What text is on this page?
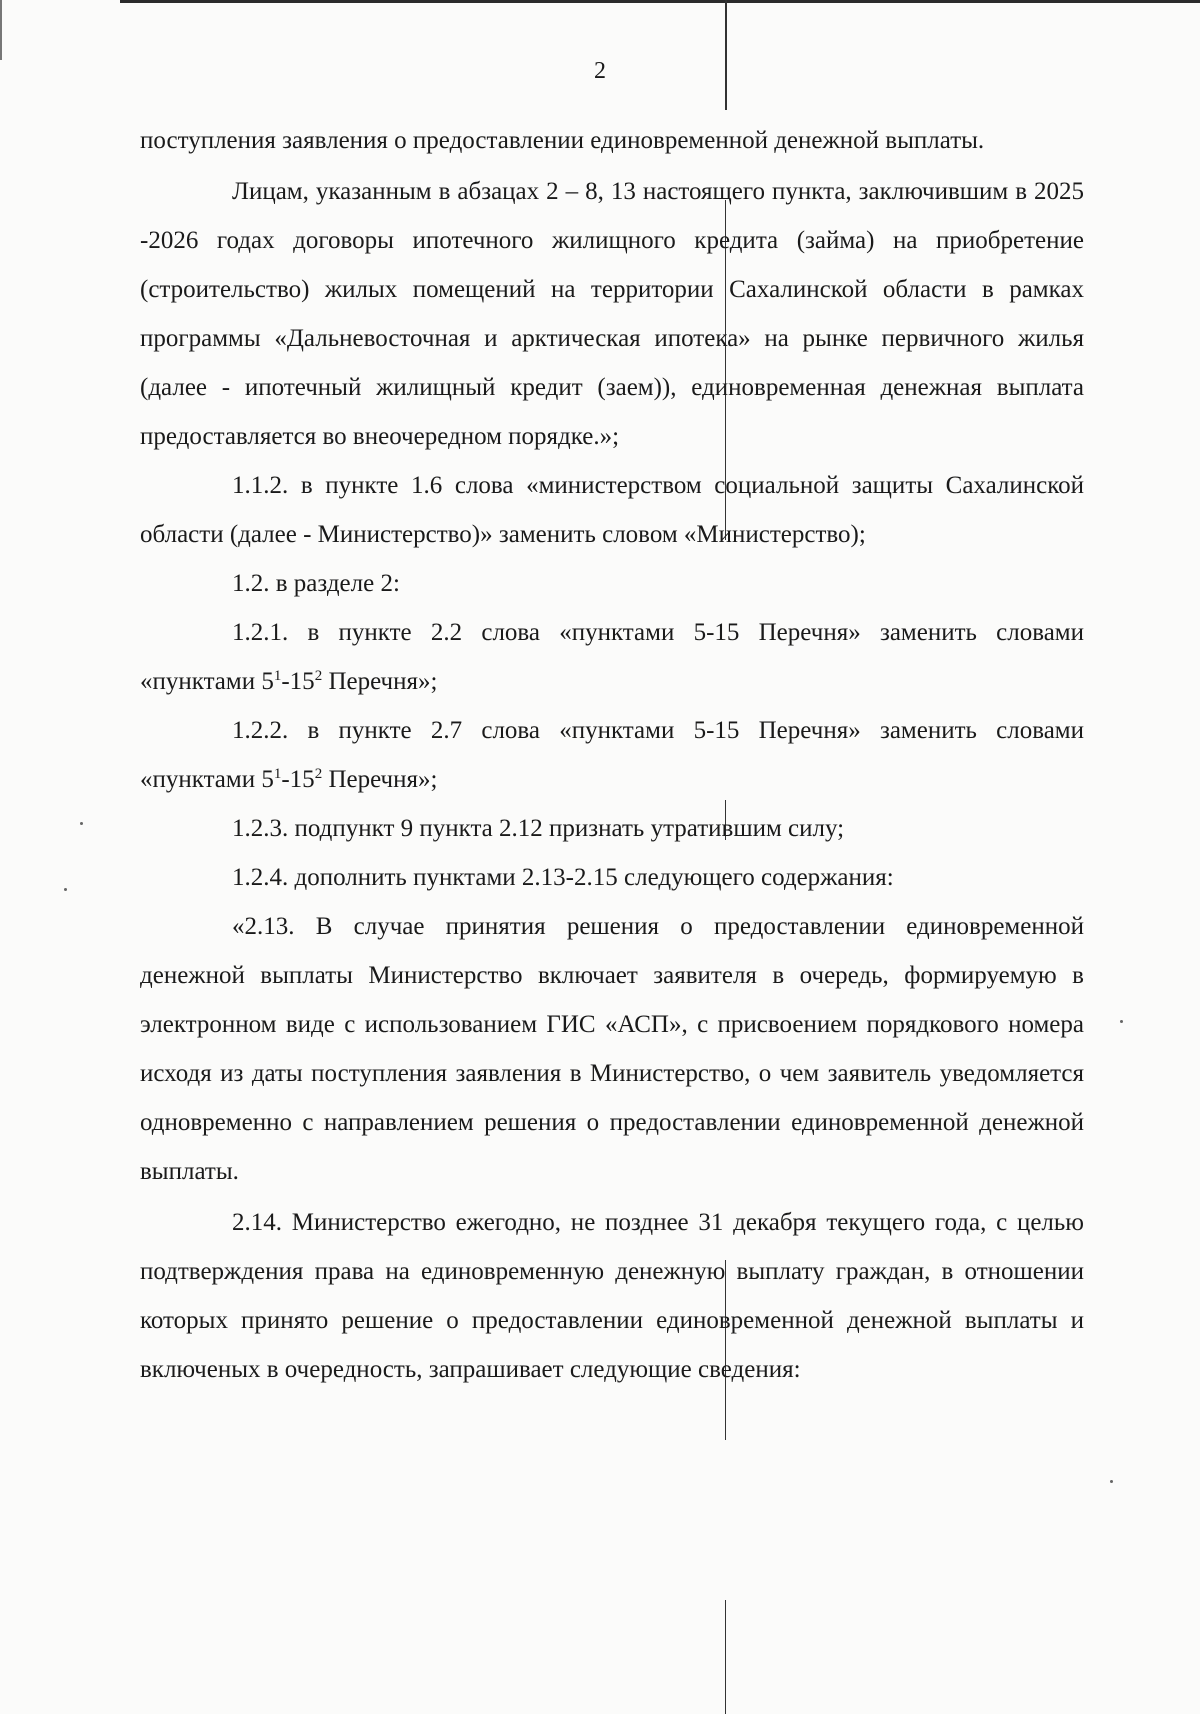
2

поступления заявления о предоставлении единовременной денежной выплаты.

Лицам, указанным в абзацах 2 – 8, 13 настоящего пункта, заключившим в 2025 -2026 годах договоры ипотечного жилищного кредита (займа) на приобретение (строительство) жилых помещений на территории Сахалинской области в рамках программы «Дальневосточная и арктическая ипотека» на рынке первичного жилья (далее - ипотечный жилищный кредит (заем)), единовременная денежная выплата предоставляется во внеочередном порядке.»;

1.1.2. в пункте 1.6 слова «министерством социальной защиты Сахалинской области (далее - Министерство)» заменить словом «Министерство);

1.2. в разделе 2:

1.2.1. в пункте 2.2 слова «пунктами 5-15 Перечня» заменить словами «пунктами $5^1-15^2$ Перечня»;

1.2.2. в пункте 2.7 слова «пунктами 5-15 Перечня» заменить словами «пунктами $5^1-15^2$ Перечня»;

1.2.3. подпункт 9 пункта 2.12 признать утратившим силу;

1.2.4. дополнить пунктами 2.13-2.15 следующего содержания:

«2.13. В случае принятия решения о предоставлении единовременной денежной выплаты Министерство включает заявителя в очередь, формируемую в электронном виде с использованием ГИС «АСП», с присвоением порядкового номера исходя из даты поступления заявления в Министерство, о чем заявитель уведомляется одновременно с направлением решения о предоставлении единовременной денежной выплаты.

2.14. Министерство ежегодно, не позднее 31 декабря текущего года, с целью подтверждения права на единовременную денежную выплату граждан, в отношении которых принято решение о предоставлении единовременной денежной выплаты и включеных в очередность, запрашивает следующие сведения:
